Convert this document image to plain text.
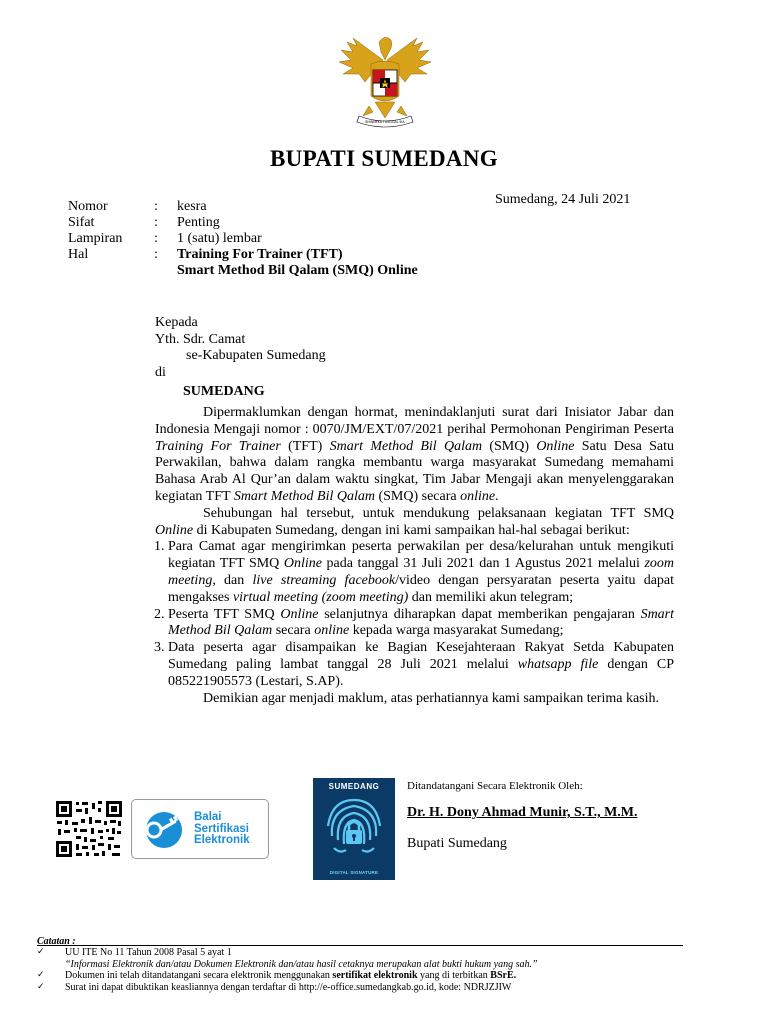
BHINNEKA TUNGGAL IKA
BUPATI SUMEDANG
Sumedang, 24 Juli 2021
Nomor	:	kesra
Sifat	:	Penting
Lampiran	:	1 (satu) lembar
Hal	:	Training For Trainer (TFT)
Smart Method Bil Qalam (SMQ) Online
Kepada
Yth. Sdr. Camat
se-Kabupaten Sumedang
di
SUMEDANG

Dipermaklumkan dengan hormat, menindaklanjuti surat dari Inisiator Jabar dan Indonesia Mengaji nomor : 0070/JM/EXT/07/2021 perihal Permohonan Pengiriman Peserta Training For Trainer (TFT) Smart Method Bil Qalam (SMQ) Online Satu Desa Satu Perwakilan, bahwa dalam rangka membantu warga masyarakat Sumedang memahami Bahasa Arab Al Qur’an dalam waktu singkat, Tim Jabar Mengaji akan menyelenggarakan kegiatan TFT Smart Method Bil Qalam (SMQ) secara online.

Sehubungan hal tersebut, untuk mendukung pelaksanaan kegiatan TFT SMQ Online di Kabupaten Sumedang, dengan ini kami sampaikan hal-hal sebagai berikut:

1. Para Camat agar mengirimkan peserta perwakilan per desa/kelurahan untuk mengikuti kegiatan TFT SMQ Online pada tanggal 31 Juli 2021 dan 1 Agustus 2021 melalui zoom meeting, dan live streaming facebook/video dengan persyaratan peserta yaitu dapat mengakses virtual meeting (zoom meeting) dan memiliki akun telegram;
2. Peserta TFT SMQ Online selanjutnya diharapkan dapat memberikan pengajaran Smart Method Bil Qalam secara online kepada warga masyarakat Sumedang;
3. Data peserta agar disampaikan ke Bagian Kesejahteraan Rakyat Setda Kabupaten Sumedang paling lambat tanggal 28 Juli 2021 melalui whatsapp file dengan CP 085221905573 (Lestari, S.AP).

Demikian agar menjadi maklum, atas perhatiannya kami sampaikan terima kasih.

Balai
Sertifikasi
Elektronik
SUMEDANG
DIGITAL SIGNATURE
Ditandatangani Secara Elektronik Oleh:
Dr. H. Dony Ahmad Munir, S.T., M.M.
Bupati Sumedang
Catatan :
✓	UU ITE No 11 Tahun 2008 Pasal 5 ayat 1
“Informasi Elektronik dan/atau Dokumen Elektronik dan/atau hasil cetaknya merupakan alat bukti hukum yang sah.”
✓	Dokumen ini telah ditandatangani secara elektronik menggunakan sertifikat elektronik yang di terbitkan BSrE.
✓	Surat ini dapat dibuktikan keasliannya dengan terdaftar di http://e-office.sumedangkab.go.id, kode: NDRJZJIW
